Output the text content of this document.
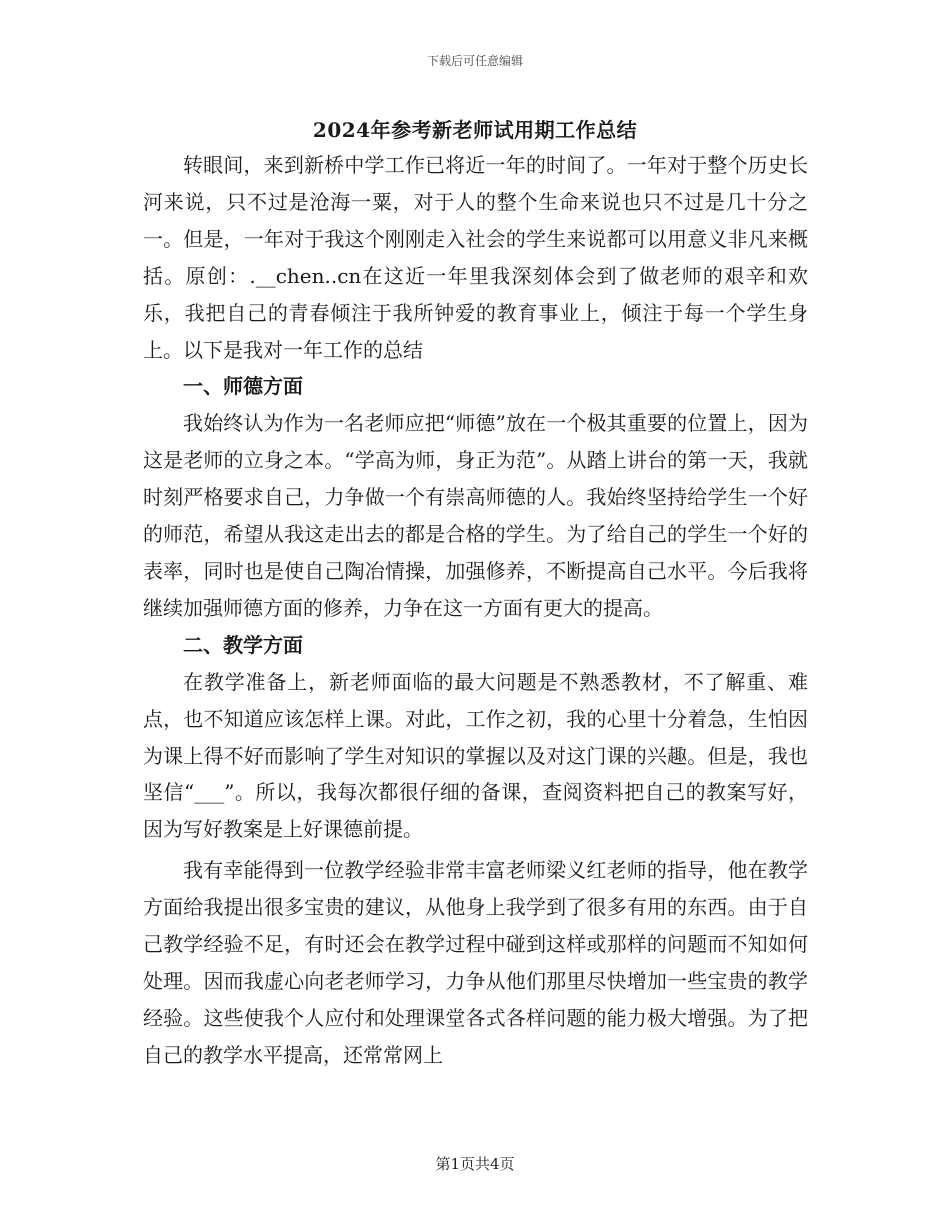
下载后可任意编辑
2024年参考新老师试用期工作总结

转眼间，来到新桥中学工作已将近一年的时间了。一年对于整个历史长河来说，只不过是沧海一粟，对于人的整个生命来说也只不过是几十分之一。但是，一年对于我这个刚刚走入社会的学生来说都可以用意义非凡来概括。原创：.__chen..cn在这近一年里我深刻体会到了做老师的艰辛和欢乐，我把自己的青春倾注于我所钟爱的教育事业上，倾注于每一个学生身上。以下是我对一年工作的总结

一、师德方面

我始终认为作为一名老师应把“师德”放在一个极其重要的位置上，因为这是老师的立身之本。“学高为师，身正为范”。从踏上讲台的第一天，我就时刻严格要求自己，力争做一个有崇高师德的人。我始终坚持给学生一个好的师范，希望从我这走出去的都是合格的学生。为了给自己的学生一个好的表率，同时也是使自己陶冶情操，加强修养，不断提高自己水平。今后我将继续加强师德方面的修养，力争在这一方面有更大的提高。

二、教学方面

在教学准备上，新老师面临的最大问题是不熟悉教材，不了解重、难点，也不知道应该怎样上课。对此，工作之初，我的心里十分着急，生怕因为课上得不好而影响了学生对知识的掌握以及对这门课的兴趣。但是，我也坚信“___”。所以，我每次都很仔细的备课，查阅资料把自己的教案写好，因为写好教案是上好课德前提。

我有幸能得到一位教学经验非常丰富老师梁义红老师的指导，他在教学方面给我提出很多宝贵的建议，从他身上我学到了很多有用的东西。由于自己教学经验不足，有时还会在教学过程中碰到这样或那样的问题而不知如何处理。因而我虚心向老老师学习，力争从他们那里尽快增加一些宝贵的教学经验。这些使我个人应付和处理课堂各式各样问题的能力极大增强。为了把自己的教学水平提高，还常常网上

第1页共4页
